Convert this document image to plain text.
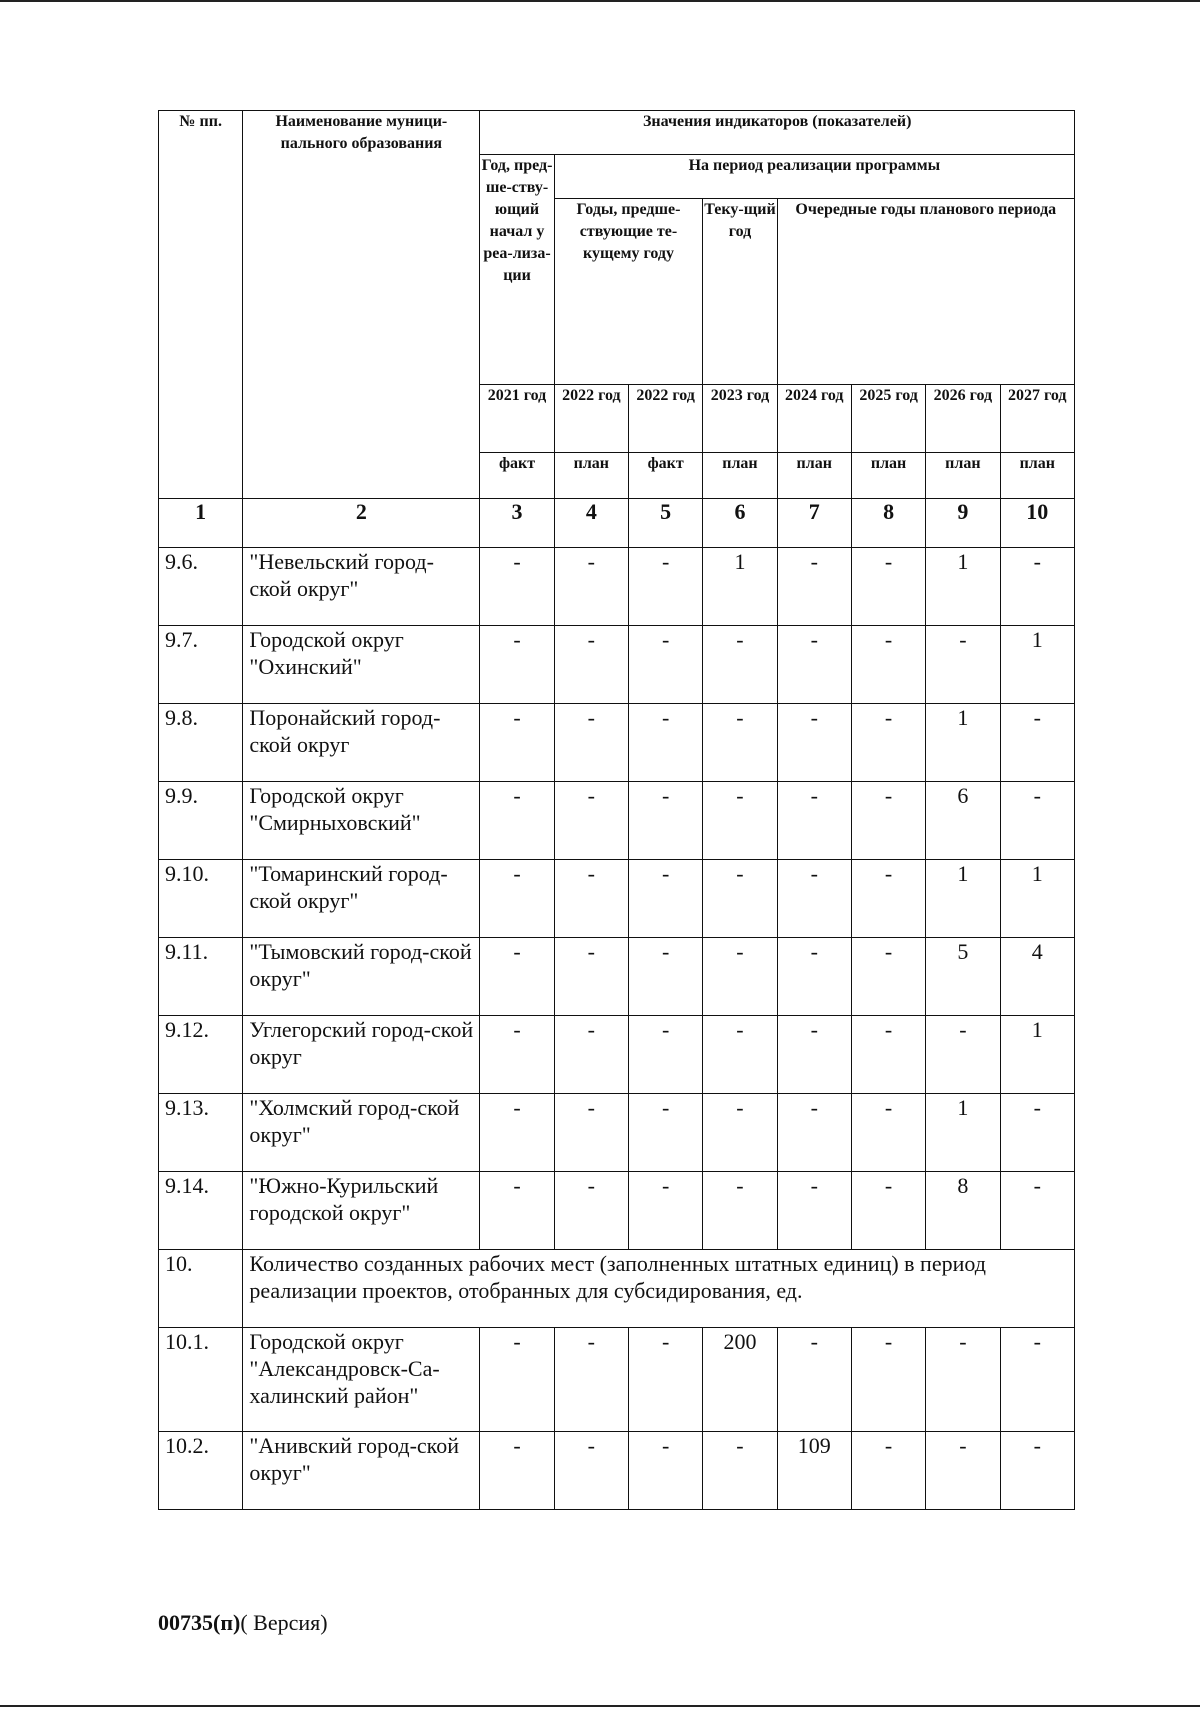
№ пп.	Наименование муници-пального образования	Значения индикаторов (показателей)							
		Год, пред-ше-ству-ющий начал у реа-лиза-ции	На период реализации программы						
			Годы, предше-ствующие те-кущему году		Теку-щий год	Очередные годы планового периода			
		2021 год	2022 год	2022 год	2023 год	2024 год	2025 год	2026 год	2027 год
		факт	план	факт	план	план	план	план	план
1	2	3	4	5	6	7	8	9	10
9.6.	"Невельский город-ской округ"	-	-	-	1	-	-	1	-
9.7.	Городской округ "Охинский"	-	-	-	-	-	-	-	1
9.8.	Поронайский город-ской округ	-	-	-	-	-	-	1	-
9.9.	Городской округ "Смирныховский"	-	-	-	-	-	-	6	-
9.10.	"Томаринский город-ской округ"	-	-	-	-	-	-	1	1
9.11.	"Тымовский город-ской округ"	-	-	-	-	-	-	5	4
9.12.	Углегорский город-ской округ	-	-	-	-	-	-	-	1
9.13.	"Холмский город-ской округ"	-	-	-	-	-	-	1	-
9.14.	"Южно-Курильский городской округ"	-	-	-	-	-	-	8	-
10.	Количество созданных рабочих мест (заполненных штатных единиц) в период реализации проектов, отобранных для субсидирования, ед.								
10.1.	Городской округ "Александровск-Са-халинский район"	-	-	-	200	-	-	-	-
10.2.	"Анивский город-ской округ"	-	-	-	-	109	-	-	-
00735(п)( Версия)
